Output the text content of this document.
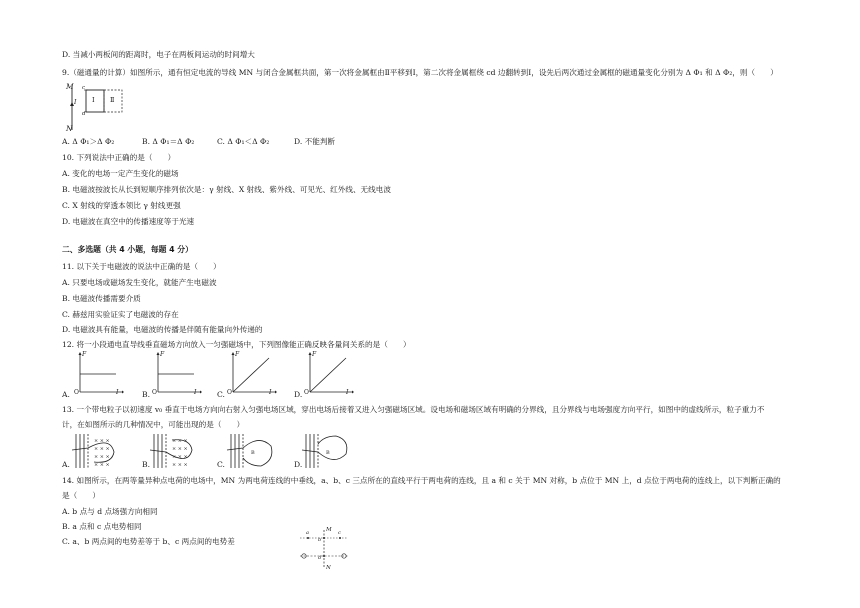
D. 当减小两板间的距离时，电子在两板间运动的时间增大
9.（磁通量的计算）如图所示，通有恒定电流的导线 MN 与闭合金属框共面，第一次将金属框由Ⅱ平移到Ⅰ，第二次将金属框绕 cd 边翻转到Ⅰ，设先后两次通过金属框的磁通量变化分别为 Δ Φ₁ 和 Δ Φ₂，则（　　）
M
N
I Ⅰ Ⅱ
c
d
A. Δ Φ₁＞Δ Φ₂	B. Δ Φ₁＝Δ Φ₂	C. Δ Φ₁＜Δ Φ₂	D. 不能判断
10. 下列说法中正确的是（　　）
A. 变化的电场一定产生变化的磁场
B. 电磁波按波长从长到短顺序排列依次是：γ 射线、X 射线、紫外线、可见光、红外线、无线电波
C. X 射线的穿透本领比 γ 射线更强
D. 电磁波在真空中的传播速度等于光速
二、多选题（共 4 小题，每题 4 分）
11. 以下关于电磁波的说法中正确的是（　　）
A. 只要电场或磁场发生变化，就能产生电磁波
B. 电磁波传播需要介质
C. 赫兹用实验证实了电磁波的存在
D. 电磁波具有能量，电磁波的传播是伴随有能量向外传递的
12. 将一小段通电直导线垂直磁场方向放入一匀强磁场中，下列图像能正确反映各量间关系的是（　　）
A.	B.	C.	D.
F
O	I
F
O	I
F
O	I
F
O	I
13. 一个带电粒子以初速度 v₀ 垂直于电场方向向右射入匀强电场区域，穿出电场后接着又进入匀强磁场区域。设电场和磁场区域有明确的分界线，且分界线与电场强度方向平行，如图中的虚线所示，粒子重力不
计，在如图所示的几种情况中，可能出现的是（　　）
× × ×
× × ×
× × ×
× × ×
× × ×
× × ×
× × ×
× × ×
B	B
A.	B.	C.	D.
14. 如图所示，在两等量异种点电荷的电场中，MN 为两电荷连线的中垂线，a、b、c 三点所在的直线平行于两电荷的连线，且 a 和 c 关于 MN 对称，b 点位于 MN 上，d 点位于两电荷的连线上，以下判断正确的
是（　　）
A. b 点与 d 点场强方向相同
B. a 点和 c 点电势相同
C. a、b 两点间的电势差等于 b、c 两点间的电势差
M
N
a
b
c
d
